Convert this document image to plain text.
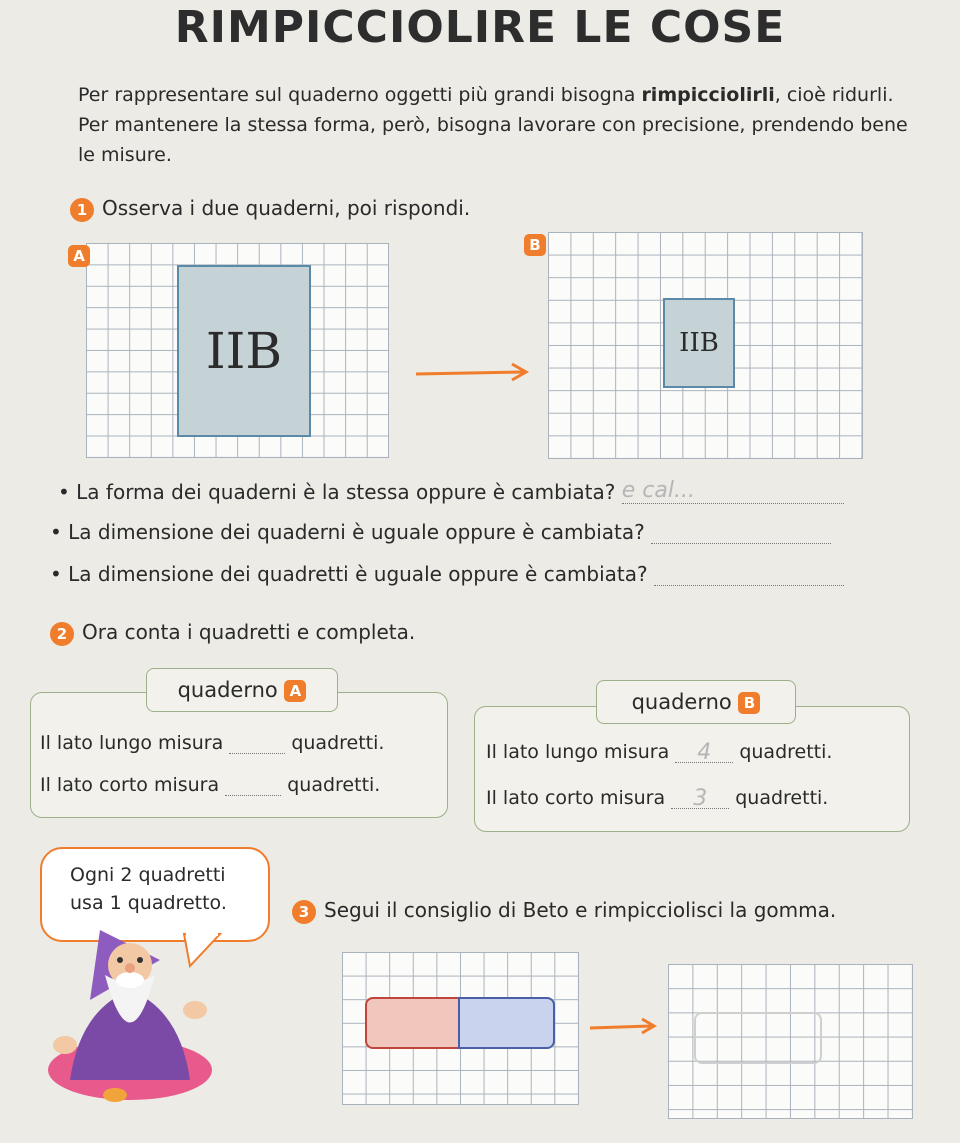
RIMPICCIOLIRE LE COSE
Per rappresentare sul quaderno oggetti più grandi bisogna rimpicciolirli, cioè ridurli. Per mantenere la stessa forma, però, bisogna lavorare con precisione, prendendo bene le misure.
1 Osserva i due quaderni, poi rispondi.
A
IIB
B
IIB
• La forma dei quaderni è la stessa oppure è cambiata? e cal...
• La dimensione dei quaderni è uguale oppure è cambiata?
• La dimensione dei quadretti è uguale oppure è cambiata?
2 Ora conta i quadretti e completa.
quaderno A
Il lato lungo misura	quadretti.
Il lato corto misura	quadretti.
quaderno B
Il lato lungo misura 4 quadretti.
Il lato corto misura 3 quadretti.
Ogni 2 quadretti
usa 1 quadretto.	3 Segui il consiglio di Beto e rimpicciolisci la gomma.
